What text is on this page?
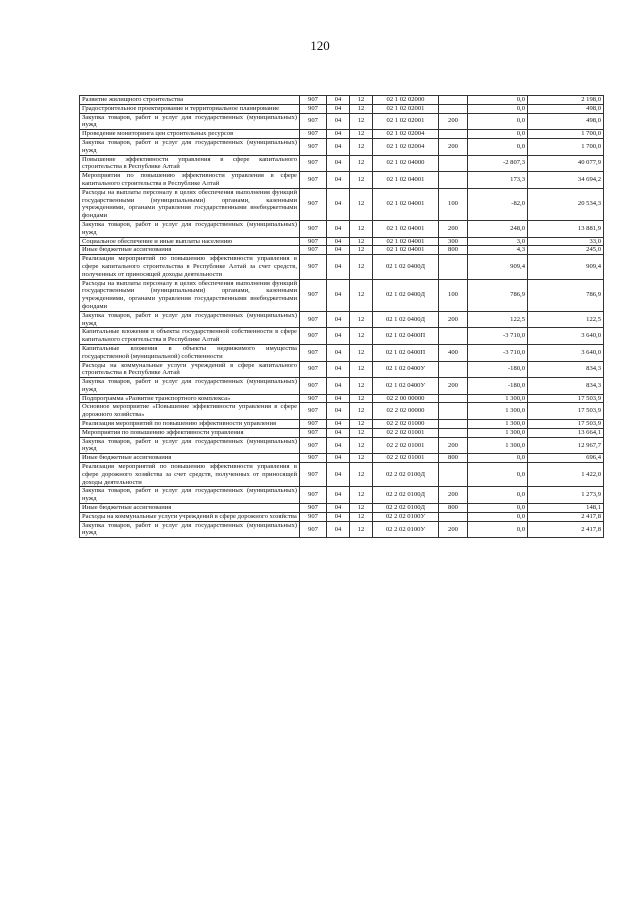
120
Развитие жилищного строительства	907	04	12	02 1 02 02000		0,0	2 198,0
Градостроительное проектирование и территориальное планирование	907	04	12	02 1 02 02001		0,0	498,0
Закупка товаров, работ и услуг для государственных (муниципальных) нужд	907	04	12	02 1 02 02001	200	0,0	498,0
Проведение мониторинга цен строительных ресурсов	907	04	12	02 1 02 02004		0,0	1 700,0
Закупка товаров, работ и услуг для государственных (муниципальных) нужд	907	04	12	02 1 02 02004	200	0,0	1 700,0
Повышение эффективности управления в сфере капитального строительства в Республике Алтай	907	04	12	02 1 02 04000		-2 807,3	40 077,9
Мероприятия по повышению эффективности управления в сфере капитального строительства в Республике Алтай	907	04	12	02 1 02 04001		173,3	34 694,2
Расходы на выплаты персоналу в целях обеспечения выполнения функций государственными (муниципальными) органами, казенными учреждениями, органами управления государственными внебюджетными фондами	907	04	12	02 1 02 04001	100	-82,0	20 534,3
Закупка товаров, работ и услуг для государственных (муниципальных) нужд	907	04	12	02 1 02 04001	200	248,0	13 881,9
Социальное обеспечение и иные выплаты населению	907	04	12	02 1 02 04001	300	3,0	33,0
Иные бюджетные ассигнования	907	04	12	02 1 02 04001	800	4,3	245,0
Реализация мероприятий по повышению эффективности управления в сфере капитального строительства в Республике Алтай за счет средств, полученных от приносящей доходы деятельности	907	04	12	02 1 02 0400Д		909,4	909,4
Расходы на выплаты персоналу в целях обеспечения выполнения функций государственными (муниципальными) органами, казенными учреждениями, органами управления государственными внебюджетными фондами	907	04	12	02 1 02 0400Д	100	786,9	786,9
Закупка товаров, работ и услуг для государственных (муниципальных) нужд	907	04	12	02 1 02 0400Д	200	122,5	122,5
Капитальные вложения в объекты государственной собственности в сфере капитального строительства в Республике Алтай	907	04	12	02 1 02 0400П		-3 710,0	3 640,0
Капитальные вложения в объекты недвижимого имущества государственной (муниципальной) собственности	907	04	12	02 1 02 0400П	400	-3 710,0	3 640,0
Расходы на коммунальные услуги учреждений в сфере капитального строительства в Республике Алтай	907	04	12	02 1 02 0400У		-180,0	834,3
Закупка товаров, работ и услуг для государственных (муниципальных) нужд	907	04	12	02 1 02 0400У	200	-180,0	834,3
Подпрограмма «Развитие транспортного комплекса»	907	04	12	02 2 00 00000		1 300,0	17 503,9
Основное мероприятие «Повышение эффективности управления в сфере дорожного хозяйства»	907	04	12	02 2 02 00000		1 300,0	17 503,9
Реализация мероприятий по повышению эффективности управления	907	04	12	02 2 02 01000		1 300,0	17 503,9
Мероприятия по повышению эффективности управления	907	04	12	02 2 02 01001		1 300,0	13 664,1
Закупка товаров, работ и услуг для государственных (муниципальных) нужд	907	04	12	02 2 02 01001	200	1 300,0	12 967,7
Иные бюджетные ассигнования	907	04	12	02 2 02 01001	800	0,0	696,4
Реализация мероприятий по повышению эффективности управления в сфере дорожного хозяйства за счет средств, полученных от приносящей доходы деятельности	907	04	12	02 2 02 0100Д		0,0	1 422,0
Закупка товаров, работ и услуг для государственных (муниципальных) нужд	907	04	12	02 2 02 0100Д	200	0,0	1 273,9
Иные бюджетные ассигнования	907	04	12	02 2 02 0100Д	800	0,0	148,1
Расходы на коммунальные услуги учреждений в сфере дорожного хозяйства	907	04	12	02 2 02 0100У		0,0	2 417,8
Закупка товаров, работ и услуг для государственных (муниципальных) нужд	907	04	12	02 2 02 0100У	200	0,0	2 417,8
